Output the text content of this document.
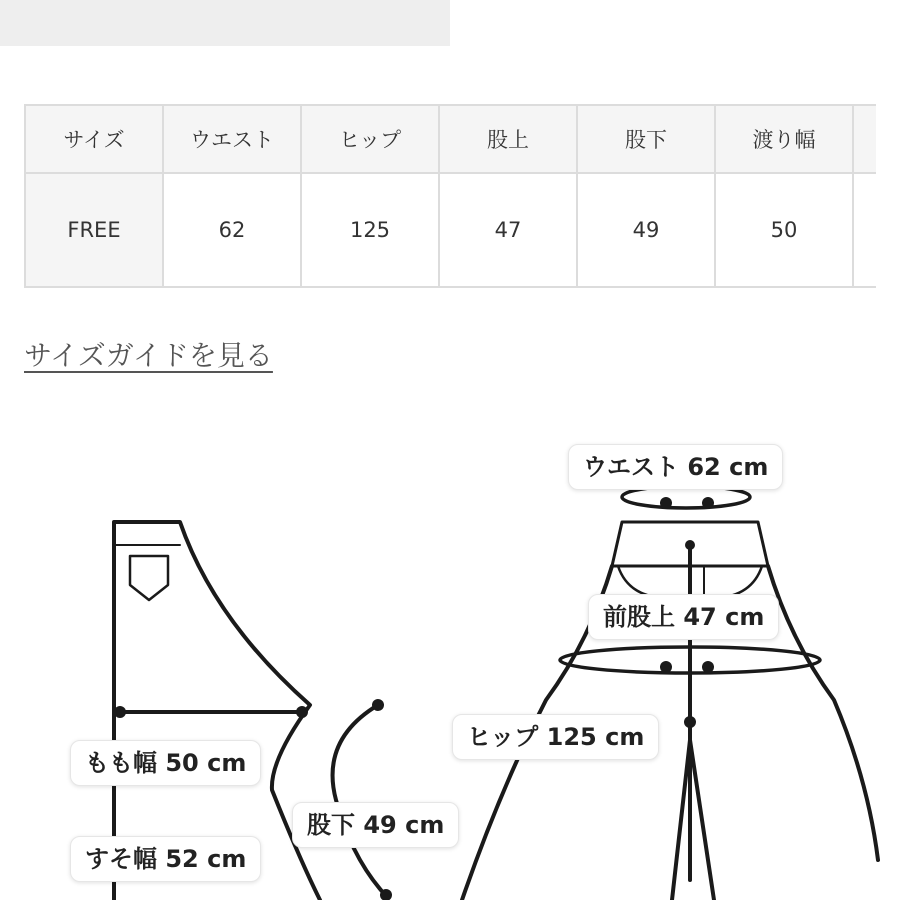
サイズ	ウエスト	ヒップ	股上	股下	渡り幅	
FREE	62	125	47	49	50	
サイズガイドを見る
ウエスト 62 cm
前股上 47 cm
ヒップ 125 cm
もも幅 50 cm
すそ幅 52 cm
股下 49 cm
